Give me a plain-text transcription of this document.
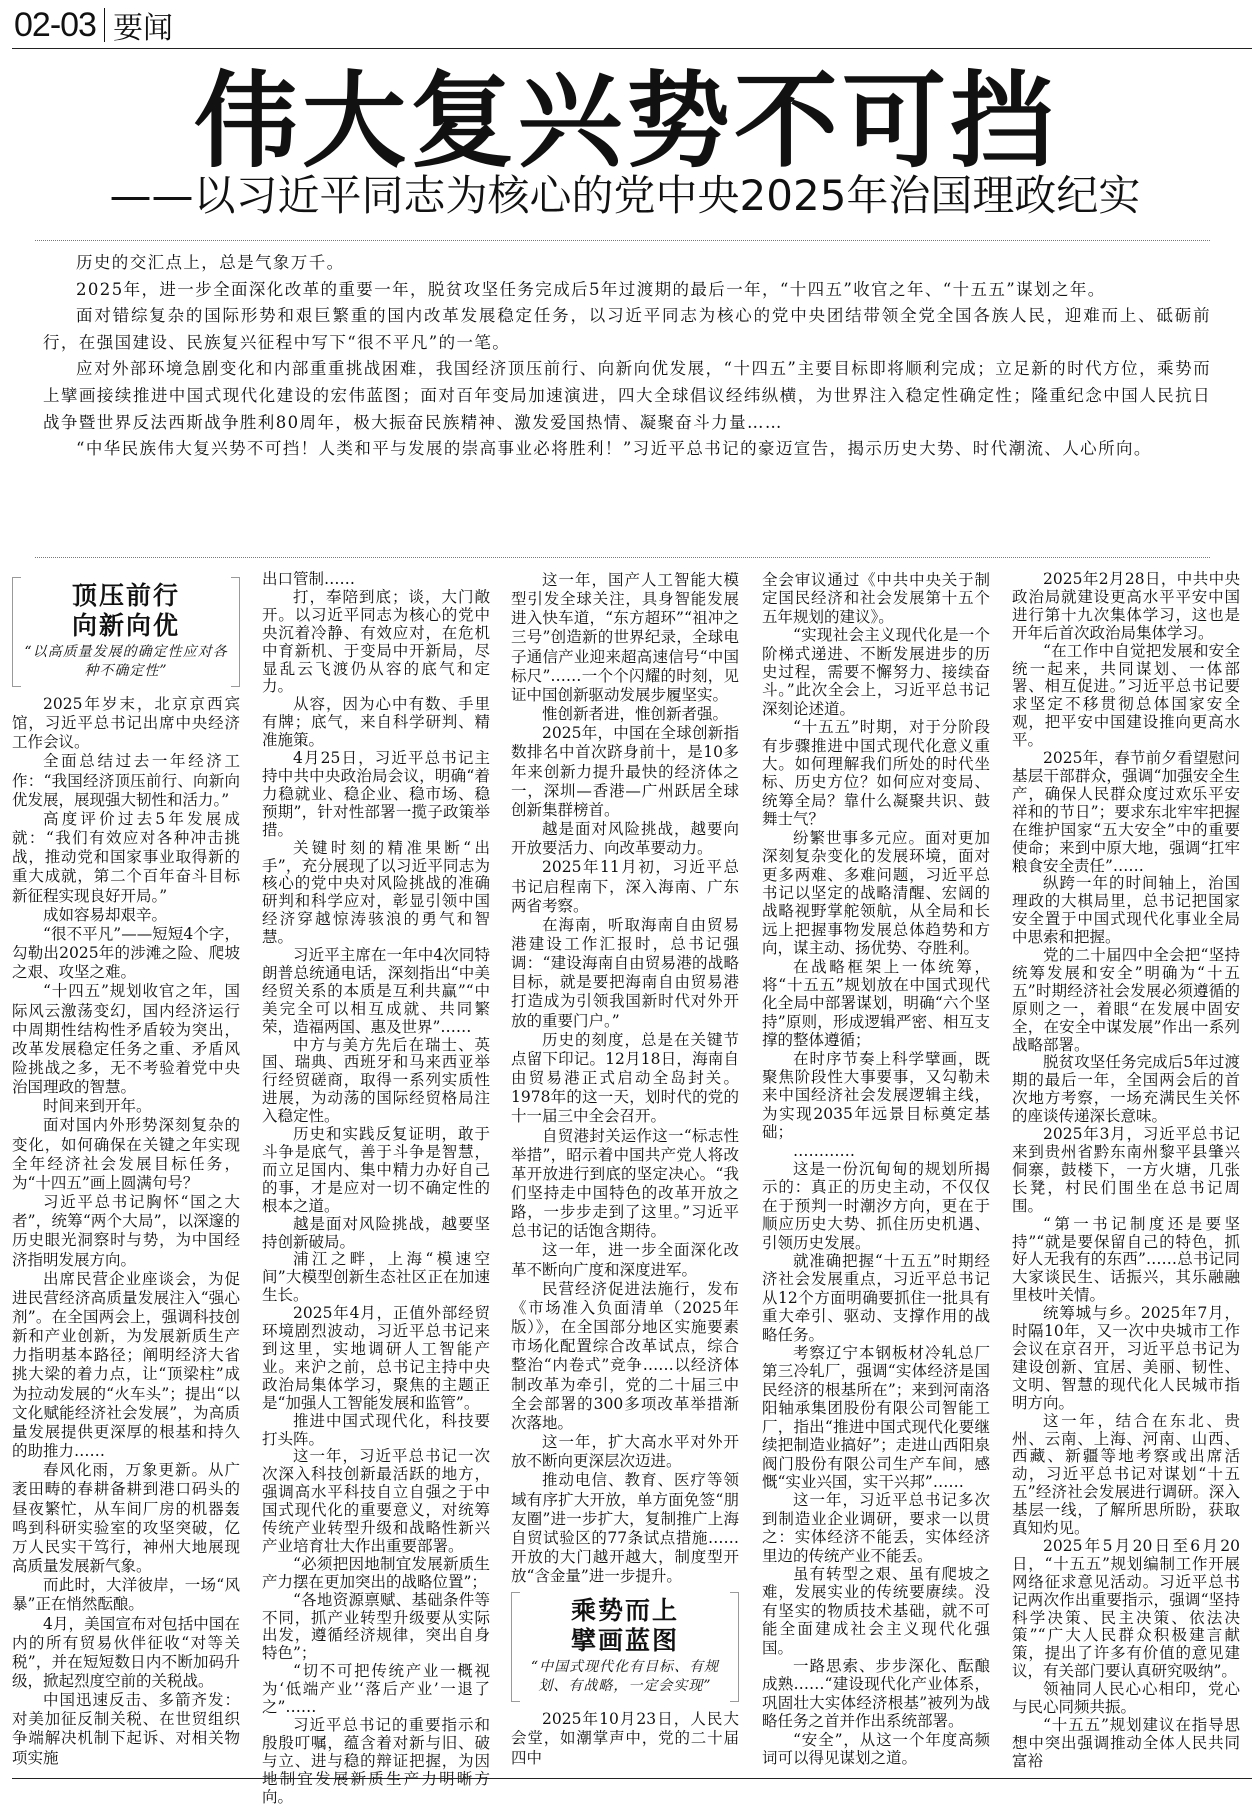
02-03 要闻
伟大复兴势不可挡
——以习近平同志为核心的党中央2025年治国理政纪实

历史的交汇点上，总是气象万千。

2025年，进一步全面深化改革的重要一年，脱贫攻坚任务完成后5年过渡期的最后一年，“十四五”收官之年、“十五五”谋划之年。

面对错综复杂的国际形势和艰巨繁重的国内改革发展稳定任务，以习近平同志为核心的党中央团结带领全党全国各族人民，迎难而上、砥砺前行，在强国建设、民族复兴征程中写下“很不平凡”的一笔。

应对外部环境急剧变化和内部重重挑战困难，我国经济顶压前行、向新向优发展，“十四五”主要目标即将顺利完成；立足新的时代方位，乘势而上擘画接续推进中国式现代化建设的宏伟蓝图；面对百年变局加速演进，四大全球倡议经纬纵横，为世界注入稳定性确定性；隆重纪念中国人民抗日战争暨世界反法西斯战争胜利80周年，极大振奋民族精神、激发爱国热情、凝聚奋斗力量……

“中华民族伟大复兴势不可挡！人类和平与发展的崇高事业必将胜利！”习近平总书记的豪迈宣告，揭示历史大势、时代潮流、人心所向。

顶压前行
向新向优
“以高质量发展的确定性应对各种不确定性”

2025年岁末，北京京西宾馆，习近平总书记出席中央经济工作会议。

全面总结过去一年经济工作：“我国经济顶压前行、向新向优发展，展现强大韧性和活力。”

高度评价过去5年发展成就：“我们有效应对各种冲击挑战，推动党和国家事业取得新的重大成就，第二个百年奋斗目标新征程实现良好开局。”

成如容易却艰辛。

“很不平凡”——短短4个字，勾勒出2025年的涉滩之险、爬坡之艰、攻坚之难。

“十四五”规划收官之年，国际风云激荡变幻，国内经济运行中周期性结构性矛盾较为突出，改革发展稳定任务之重、矛盾风险挑战之多，无不考验着党中央治国理政的智慧。

时间来到开年。

面对国内外形势深刻复杂的变化，如何确保在关键之年实现全年经济社会发展目标任务，为“十四五”画上圆满句号？

习近平总书记胸怀“国之大者”，统筹“两个大局”，以深邃的历史眼光洞察时与势，为中国经济指明发展方向。

出席民营企业座谈会，为促进民营经济高质量发展注入“强心剂”。在全国两会上，强调科技创新和产业创新，为发展新质生产力指明基本路径；阐明经济大省挑大梁的着力点，让“顶梁柱”成为拉动发展的“火车头”；提出“以文化赋能经济社会发展”，为高质量发展提供更深厚的根基和持久的助推力……

春风化雨，万象更新。从广袤田畴的春耕备耕到港口码头的昼夜繁忙，从车间厂房的机器轰鸣到科研实验室的攻坚突破，亿万人民实干笃行，神州大地展现高质量发展新气象。

而此时，大洋彼岸，一场“风暴”正在悄然酝酿。

4月，美国宣布对包括中国在内的所有贸易伙伴征收“对等关税”，并在短短数日内不断加码升级，掀起烈度空前的关税战。

中国迅速反击、多箭齐发：对美加征反制关税、在世贸组织争端解决机制下起诉、对相关物项实施

出口管制……

打，奉陪到底；谈，大门敞开。以习近平同志为核心的党中央沉着冷静、有效应对，在危机中育新机、于变局中开新局，尽显乱云飞渡仍从容的底气和定力。

从容，因为心中有数、手里有牌；底气，来自科学研判、精准施策。

4月25日，习近平总书记主持中共中央政治局会议，明确“着力稳就业、稳企业、稳市场、稳预期”，针对性部署一揽子政策举措。

关键时刻的精准果断“出手”，充分展现了以习近平同志为核心的党中央对风险挑战的准确研判和科学应对，彰显引领中国经济穿越惊涛骇浪的勇气和智慧。

习近平主席在一年中4次同特朗普总统通电话，深刻指出“中美经贸关系的本质是互利共赢”“中美完全可以相互成就、共同繁荣，造福两国、惠及世界”……

中方与美方先后在瑞士、英国、瑞典、西班牙和马来西亚举行经贸磋商，取得一系列实质性进展，为动荡的国际经贸格局注入稳定性。

历史和实践反复证明，敢于斗争是底气，善于斗争是智慧，而立足国内、集中精力办好自己的事，才是应对一切不确定性的根本之道。

越是面对风险挑战，越要坚持创新破局。

浦江之畔，上海“模速空间”大模型创新生态社区正在加速生长。

2025年4月，正值外部经贸环境剧烈波动，习近平总书记来到这里，实地调研人工智能产业。来沪之前，总书记主持中央政治局集体学习，聚焦的主题正是“加强人工智能发展和监管”。

推进中国式现代化，科技要打头阵。

这一年，习近平总书记一次次深入科技创新最活跃的地方，强调高水平科技自立自强之于中国式现代化的重要意义，对统筹传统产业转型升级和战略性新兴产业培育壮大作出重要部署。

“必须把因地制宜发展新质生产力摆在更加突出的战略位置”；

“各地资源禀赋、基础条件等不同，抓产业转型升级要从实际出发，遵循经济规律，突出自身特色”；

“切不可把传统产业一概视为‘低端产业’‘落后产业’一退了之”……

习近平总书记的重要指示和殷殷叮嘱，蕴含着对新与旧、破与立、进与稳的辩证把握，为因地制宜发展新质生产力明晰方向。

这一年，国产人工智能大模型引发全球关注，具身智能发展进入快车道，“东方超环”“祖冲之三号”创造新的世界纪录，全球电子通信产业迎来超高速信号“中国标尺”……一个个闪耀的时刻，见证中国创新驱动发展步履坚实。

惟创新者进，惟创新者强。

2025年，中国在全球创新指数排名中首次跻身前十，是10多年来创新力提升最快的经济体之一，深圳—香港—广州跃居全球创新集群榜首。

越是面对风险挑战，越要向开放要活力、向改革要动力。

2025年11月初，习近平总书记启程南下，深入海南、广东两省考察。

在海南，听取海南自由贸易港建设工作汇报时，总书记强调：“建设海南自由贸易港的战略目标，就是要把海南自由贸易港打造成为引领我国新时代对外开放的重要门户。”

历史的刻度，总是在关键节点留下印记。12月18日，海南自由贸易港正式启动全岛封关。1978年的这一天，划时代的党的十一届三中全会召开。

自贸港封关运作这一“标志性举措”，昭示着中国共产党人将改革开放进行到底的坚定决心。“我们坚持走中国特色的改革开放之路，一步步走到了这里。”习近平总书记的话饱含期待。

这一年，进一步全面深化改革不断向广度和深度进军。

民营经济促进法施行，发布《市场准入负面清单（2025年版）》，在全国部分地区实施要素市场化配置综合改革试点，综合整治“内卷式”竞争……以经济体制改革为牵引，党的二十届三中全会部署的300多项改革举措渐次落地。

这一年，扩大高水平对外开放不断向更深层次迈进。

推动电信、教育、医疗等领域有序扩大开放，单方面免签“朋友圈”进一步扩大，复制推广上海自贸试验区的77条试点措施……开放的大门越开越大，制度型开放“含金量”进一步提升。

乘势而上
擘画蓝图
“中国式现代化有目标、有规划、有战略，一定会实现”

2025年10月23日，人民大会堂，如潮掌声中，党的二十届四中

全会审议通过《中共中央关于制定国民经济和社会发展第十五个五年规划的建议》。

“实现社会主义现代化是一个阶梯式递进、不断发展进步的历史过程，需要不懈努力、接续奋斗。”此次全会上，习近平总书记深刻论述道。

“十五五”时期，对于分阶段有步骤推进中国式现代化意义重大。如何理解我们所处的时代坐标、历史方位？如何应对变局、统筹全局？靠什么凝聚共识、鼓舞士气？

纷繁世事多元应。面对更加深刻复杂变化的发展环境，面对更多两难、多难问题，习近平总书记以坚定的战略清醒、宏阔的战略视野掌舵领航，从全局和长远上把握事物发展总体趋势和方向，谋主动、扬优势、夺胜利。

在战略框架上一体统筹，将“十五五”规划放在中国式现代化全局中部署谋划，明确“六个坚持”原则，形成逻辑严密、相互支撑的整体遵循；

在时序节奏上科学擘画，既聚焦阶段性大事要事，又勾勒未来中国经济社会发展逻辑主线，为实现2035年远景目标奠定基础；

…………

这是一份沉甸甸的规划所揭示的：真正的历史主动，不仅仅在于预判一时潮汐方向，更在于顺应历史大势、抓住历史机遇、引领历史发展。

就准确把握“十五五”时期经济社会发展重点，习近平总书记从12个方面明确要抓住一批具有重大牵引、驱动、支撑作用的战略任务。

考察辽宁本钢板材冷轧总厂第三冷轧厂，强调“实体经济是国民经济的根基所在”；来到河南洛阳轴承集团股份有限公司智能工厂，指出“推进中国式现代化要继续把制造业搞好”；走进山西阳泉阀门股份有限公司生产车间，感慨“实业兴国，实干兴邦”……

这一年，习近平总书记多次到制造业企业调研，要求一以贯之：实体经济不能丢，实体经济里边的传统产业不能丢。

虽有转型之艰、虽有爬坡之难，发展实业的传统要赓续。没有坚实的物质技术基础，就不可能全面建成社会主义现代化强国。

一路思索、步步深化、酝酿成熟……“建设现代化产业体系，巩固壮大实体经济根基”被列为战略任务之首并作出系统部署。

“安全”，从这一个年度高频词可以得见谋划之道。

2025年2月28日，中共中央政治局就建设更高水平平安中国进行第十九次集体学习，这也是开年后首次政治局集体学习。

“在工作中自觉把发展和安全统一起来，共同谋划、一体部署、相互促进。”习近平总书记要求坚定不移贯彻总体国家安全观，把平安中国建设推向更高水平。

2025年，春节前夕看望慰问基层干部群众，强调“加强安全生产，确保人民群众度过欢乐平安祥和的节日”；要求东北牢牢把握在维护国家“五大安全”中的重要使命；来到中原大地，强调“扛牢粮食安全责任”……

纵跨一年的时间轴上，治国理政的大棋局里，总书记把国家安全置于中国式现代化事业全局中思索和把握。

党的二十届四中全会把“坚持统筹发展和安全”明确为“十五五”时期经济社会发展必须遵循的原则之一，着眼“在发展中固安全，在安全中谋发展”作出一系列战略部署。

脱贫攻坚任务完成后5年过渡期的最后一年，全国两会后的首次地方考察，一场充满民生关怀的座谈传递深长意味。

2025年3月，习近平总书记来到贵州省黔东南州黎平县肇兴侗寨，鼓楼下，一方火塘，几张长凳，村民们围坐在总书记周围。

“第一书记制度还是要坚持”“就是要保留自己的特色，抓好人无我有的东西”……总书记同大家谈民生、话振兴，其乐融融里枝叶关情。

统筹城与乡。2025年7月，时隔10年，又一次中央城市工作会议在京召开，习近平总书记为建设创新、宜居、美丽、韧性、文明、智慧的现代化人民城市指明方向。

这一年，结合在东北、贵州、云南、上海、河南、山西、西藏、新疆等地考察或出席活动，习近平总书记对谋划“十五五”经济社会发展进行调研。深入基层一线，了解所思所盼，获取真知灼见。

2025年5月20日至6月20日，“十五五”规划编制工作开展网络征求意见活动。习近平总书记两次作出重要指示，强调“坚持科学决策、民主决策、依法决策”“广大人民群众积极建言献策，提出了许多有价值的意见建议，有关部门要认真研究吸纳”。

领袖同人民心心相印，党心与民心同频共振。

“十五五”规划建议在指导思想中突出强调推动全体人民共同富裕
